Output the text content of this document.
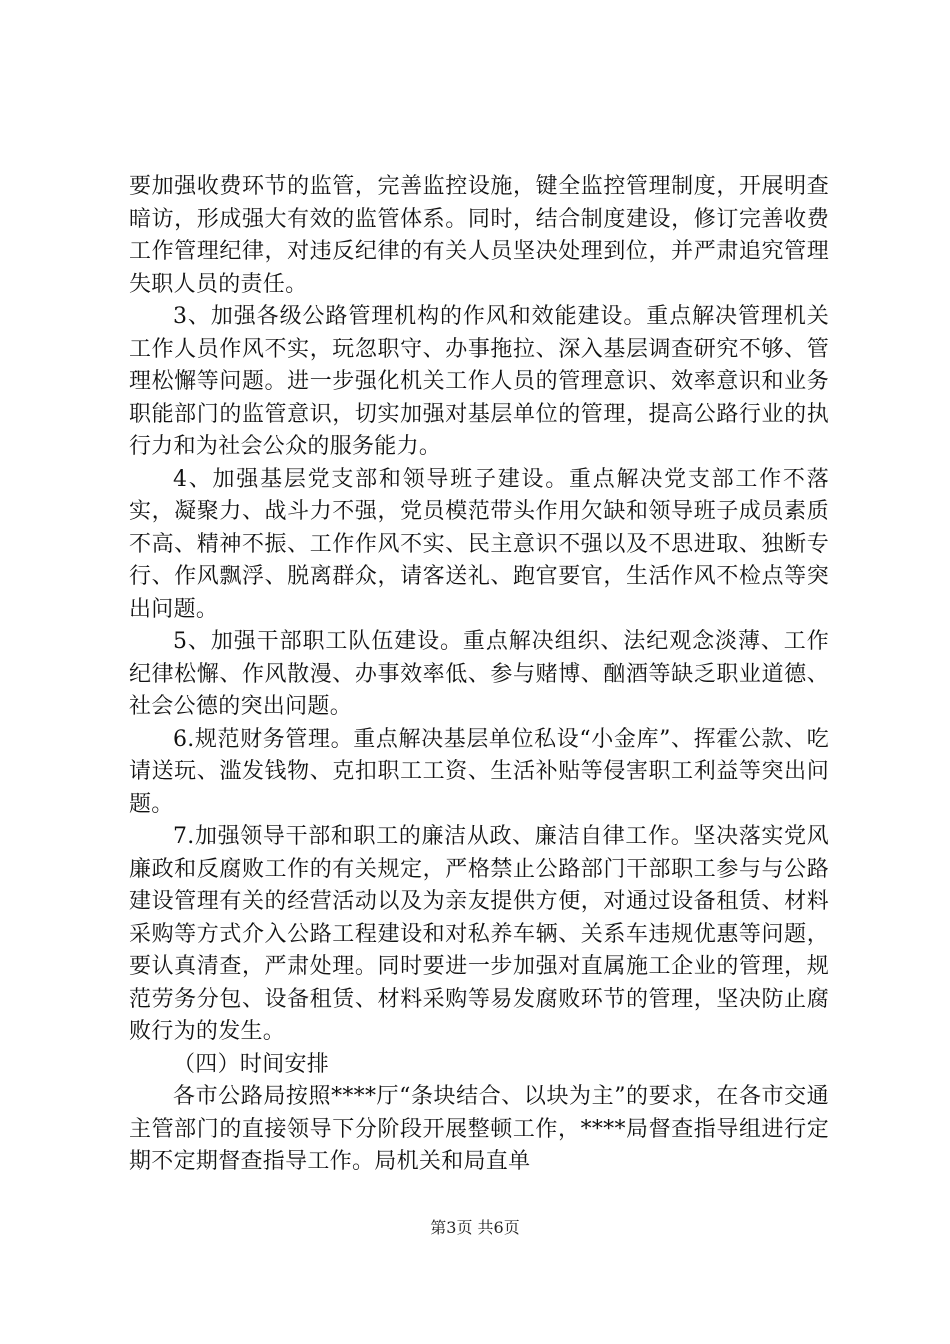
要加强收费环节的监管，完善监控设施，键全监控管理制度，开展明查暗访，形成强大有效的监管体系。同时，结合制度建设，修订完善收费工作管理纪律，对违反纪律的有关人员坚决处理到位，并严肃追究管理失职人员的责任。

3、加强各级公路管理机构的作风和效能建设。重点解决管理机关工作人员作风不实，玩忽职守、办事拖拉、深入基层调查研究不够、管理松懈等问题。进一步强化机关工作人员的管理意识、效率意识和业务职能部门的监管意识，切实加强对基层单位的管理，提高公路行业的执行力和为社会公众的服务能力。

4、加强基层党支部和领导班子建设。重点解决党支部工作不落实，凝聚力、战斗力不强，党员模范带头作用欠缺和领导班子成员素质不高、精神不振、工作作风不实、民主意识不强以及不思进取、独断专行、作风飘浮、脱离群众，请客送礼、跑官要官，生活作风不检点等突出问题。

5、加强干部职工队伍建设。重点解决组织、法纪观念淡薄、工作纪律松懈、作风散漫、办事效率低、参与赌博、酗酒等缺乏职业道德、社会公德的突出问题。

6.规范财务管理。重点解决基层单位私设“小金库”、挥霍公款、吃请送玩、滥发钱物、克扣职工工资、生活补贴等侵害职工利益等突出问题。

7.加强领导干部和职工的廉洁从政、廉洁自律工作。坚决落实党风廉政和反腐败工作的有关规定，严格禁止公路部门干部职工参与与公路建设管理有关的经营活动以及为亲友提供方便，对通过设备租赁、材料采购等方式介入公路工程建设和对私养车辆、关系车违规优惠等问题，要认真清查，严肃处理。同时要进一步加强对直属施工企业的管理，规范劳务分包、设备租赁、材料采购等易发腐败环节的管理，坚决防止腐败行为的发生。

（四）时间安排

各市公路局按照****厅“条块结合、以块为主”的要求，在各市交通主管部门的直接领导下分阶段开展整顿工作，****局督查指导组进行定期不定期督查指导工作。局机关和局直单

第3页 共6页
